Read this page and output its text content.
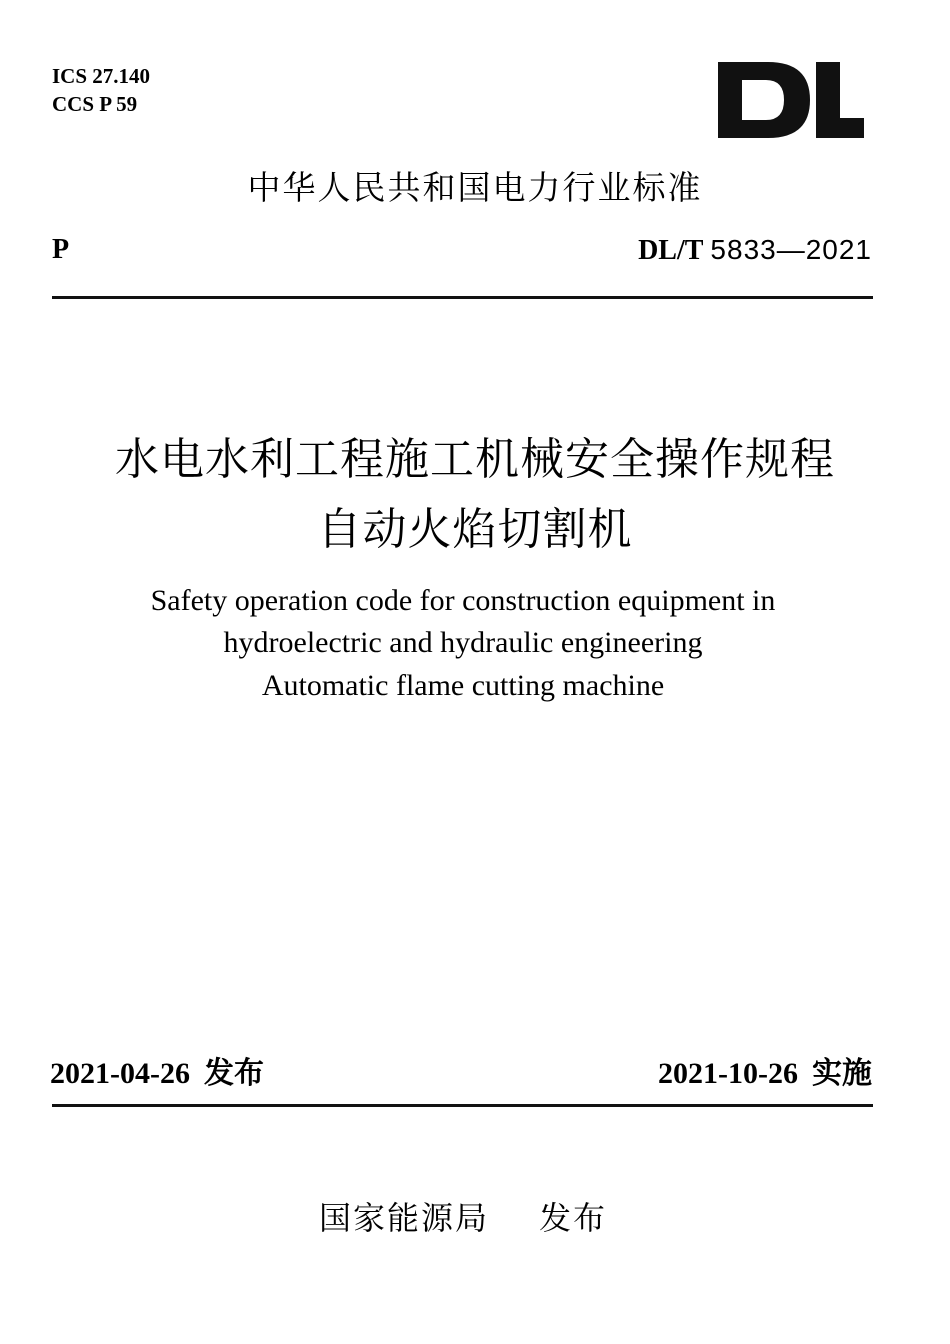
ICS 27.140
CCS P 59
中华人民共和国电力行业标准
P	DL/T 5833—2021
水电水利工程施工机械安全操作规程
自动火焰切割机
Safety operation code for construction equipment in
hydroelectric and hydraulic engineering
Automatic flame cutting machine
2021-04-26 发布	2021-10-26 实施
国家能源局 发布
